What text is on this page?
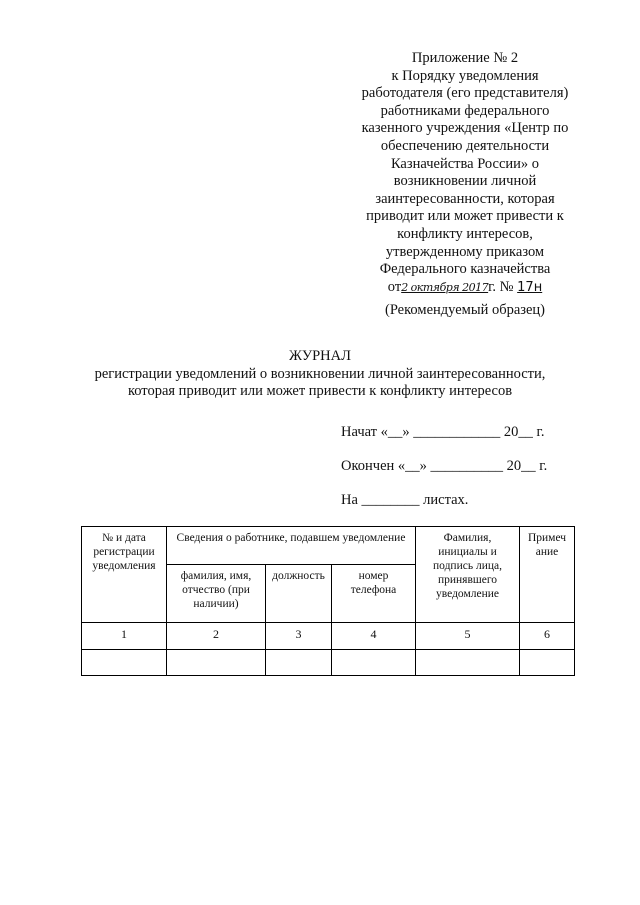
Приложение № 2
к Порядку уведомления
работодателя (его представителя)
работниками федерального
казенного учреждения «Центр по
обеспечению деятельности
Казначейства России» о
возникновении личной
заинтересованности, которая
приводит или может привести к
конфликту интересов,
утвержденному приказом
Федерального казначейства
от2 октября 2017г. № 17н
(Рекомендуемый образец)
ЖУРНАЛ
регистрации уведомлений о возникновении личной заинтересованности,
которая приводит или может привести к конфликту интересов
Начат «__» ____________ 20__ г.
Окончен «__» __________ 20__ г.
На ________ листах.
№ и дата регистрации уведомления	Сведения о работнике, подавшем уведомление			Фамилия, инициалы и подпись лица, принявшего уведомление	Примеч ание
	фамилия, имя, отчество (при наличии)	должность	номер телефона		
1	2	3	4	5	6
